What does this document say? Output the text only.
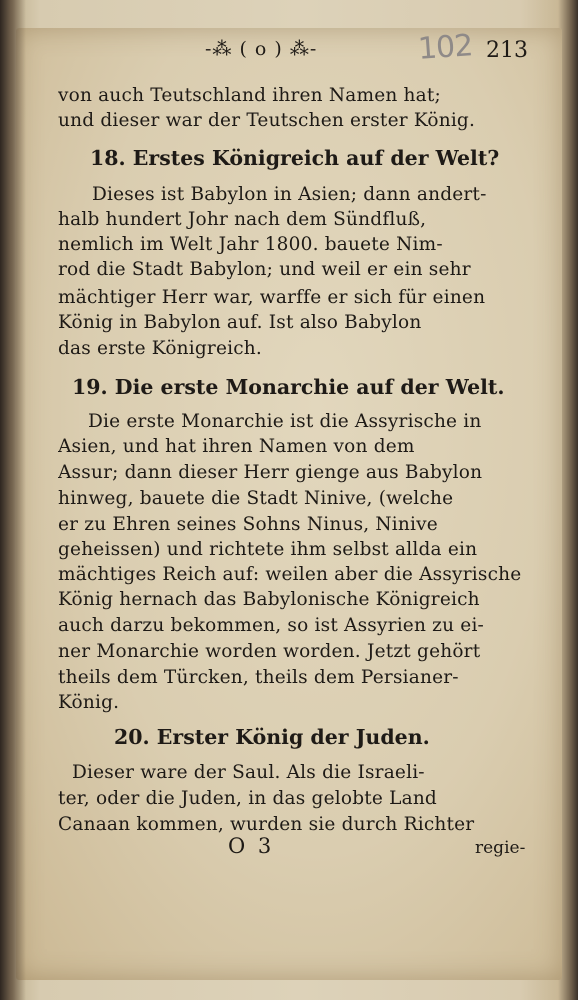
-⁂ ( o ) ⁂-	102 213
von auch Teutschland ihren Namen hat;
und dieser war der Teutschen erster König.
18. Erstes Königreich auf der Welt?
Dieses ist Babylon in Asien; dann andert-
halb hundert Johr nach dem Sündfluß,
nemlich im Welt Jahr 1800. bauete Nim-
rod die Stadt Babylon; und weil er ein sehr
mächtiger Herr war, warffe er sich für einen
König in Babylon auf. Ist also Babylon
das erste Königreich.
19. Die erste Monarchie auf der Welt.
Die erste Monarchie ist die Assyrische in
Asien, und hat ihren Namen von dem
Assur; dann dieser Herr gienge aus Babylon
hinweg, bauete die Stadt Ninive, (welche
er zu Ehren seines Sohns Ninus, Ninive
geheissen) und richtete ihm selbst allda ein
mächtiges Reich auf: weilen aber die Assyrische
König hernach das Babylonische Königreich
auch darzu bekommen, so ist Assyrien zu ei-
ner Monarchie worden worden. Jetzt gehört
theils dem Türcken, theils dem Persianer-
König.
20. Erster König der Juden.
Dieser ware der Saul. Als die Israeli-
ter, oder die Juden, in das gelobte Land
Canaan kommen, wurden sie durch Richter
O 3	regie-
